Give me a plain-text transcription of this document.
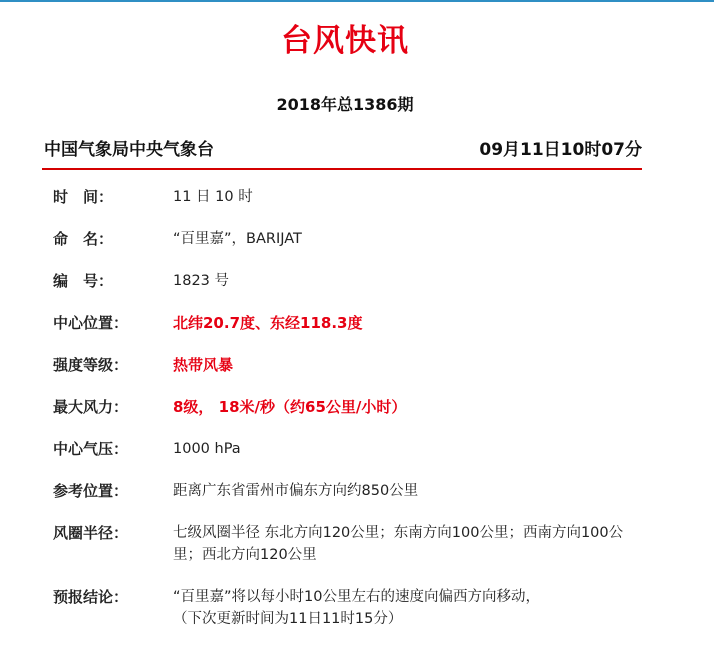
台风快讯
2018年总1386期
中国气象局中央气象台	09月11日10时07分
时　间：	11 日 10 时
命　名：	“百里嘉”，BARIJAT
编　号：	1823 号
中心位置：	北纬20.7度、东经118.3度
强度等级：	热带风暴
最大风力：	8级， 18米/秒（约65公里/小时）
中心气压：	1000 hPa
参考位置：	距离广东省雷州市偏东方向约850公里
风圈半径：	七级风圈半径 东北方向120公里；东南方向100公里；西南方向100公里；西北方向120公里
预报结论：	“百里嘉”将以每小时10公里左右的速度向偏西方向移动，
（下次更新时间为11日11时15分）
